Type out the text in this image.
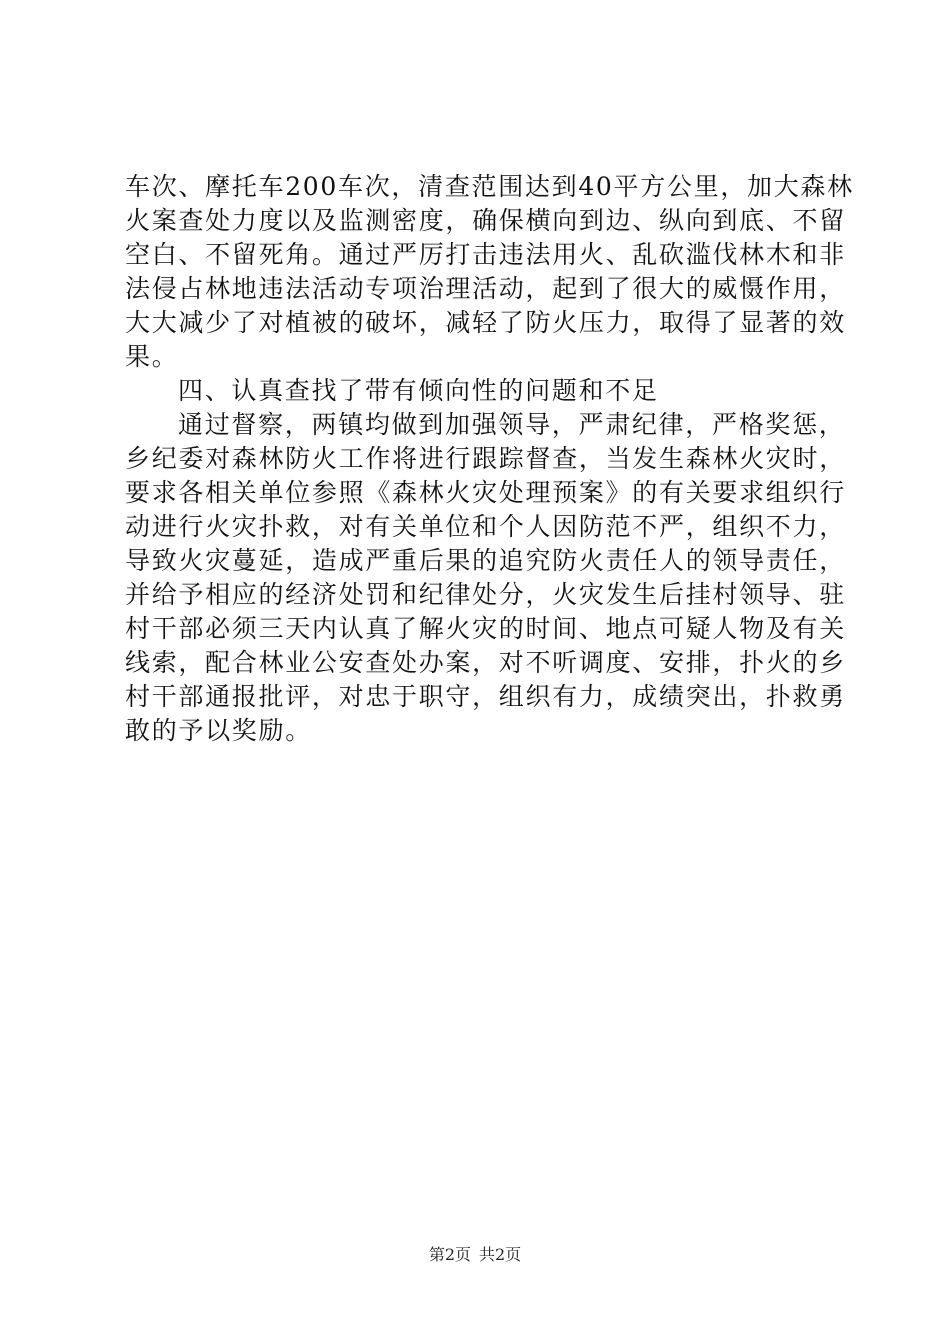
车次、摩托车200车次，清查范围达到40平方公里，加大森林
火案查处力度以及监测密度，确保横向到边、纵向到底、不留
空白、不留死角。通过严厉打击违法用火、乱砍滥伐林木和非
法侵占林地违法活动专项治理活动，起到了很大的威慑作用，
大大减少了对植被的破坏，减轻了防火压力，取得了显著的效
果。
四、认真查找了带有倾向性的问题和不足
通过督察，两镇均做到加强领导，严肃纪律，严格奖惩，
乡纪委对森林防火工作将进行跟踪督查，当发生森林火灾时，
要求各相关单位参照《森林火灾处理预案》的有关要求组织行
动进行火灾扑救，对有关单位和个人因防范不严，组织不力，
导致火灾蔓延，造成严重后果的追究防火责任人的领导责任，
并给予相应的经济处罚和纪律处分，火灾发生后挂村领导、驻
村干部必须三天内认真了解火灾的时间、地点可疑人物及有关
线索，配合林业公安查处办案，对不听调度、安排，扑火的乡
村干部通报批评，对忠于职守，组织有力，成绩突出，扑救勇
敢的予以奖励。
第2页 共2页
